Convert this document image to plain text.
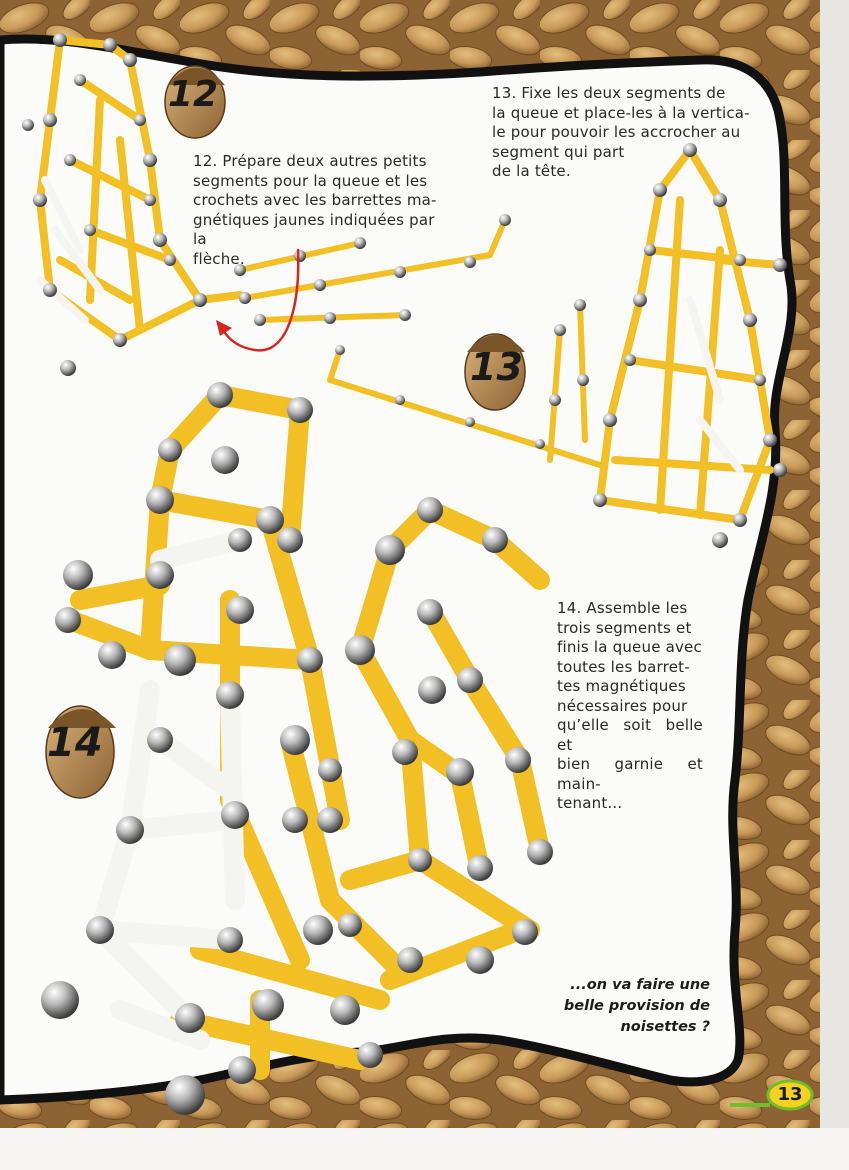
12
13
14
12. Prépare deux autres petits
segments pour la queue et les
crochets avec les barrettes ma-
gnétiques jaunes indiquées par la
flèche.
13. Fixe les deux segments de
la queue et place-les à la vertica-
le pour pouvoir les accrocher au
segment qui part
de la tête.
14. Assemble les
trois segments et
finis la queue avec
toutes les barret-
tes magnétiques
nécessaires pour
qu’elle soit belle et
bien garnie et main-
tenant...
...on va faire une
belle provision de
noisettes ?
13
